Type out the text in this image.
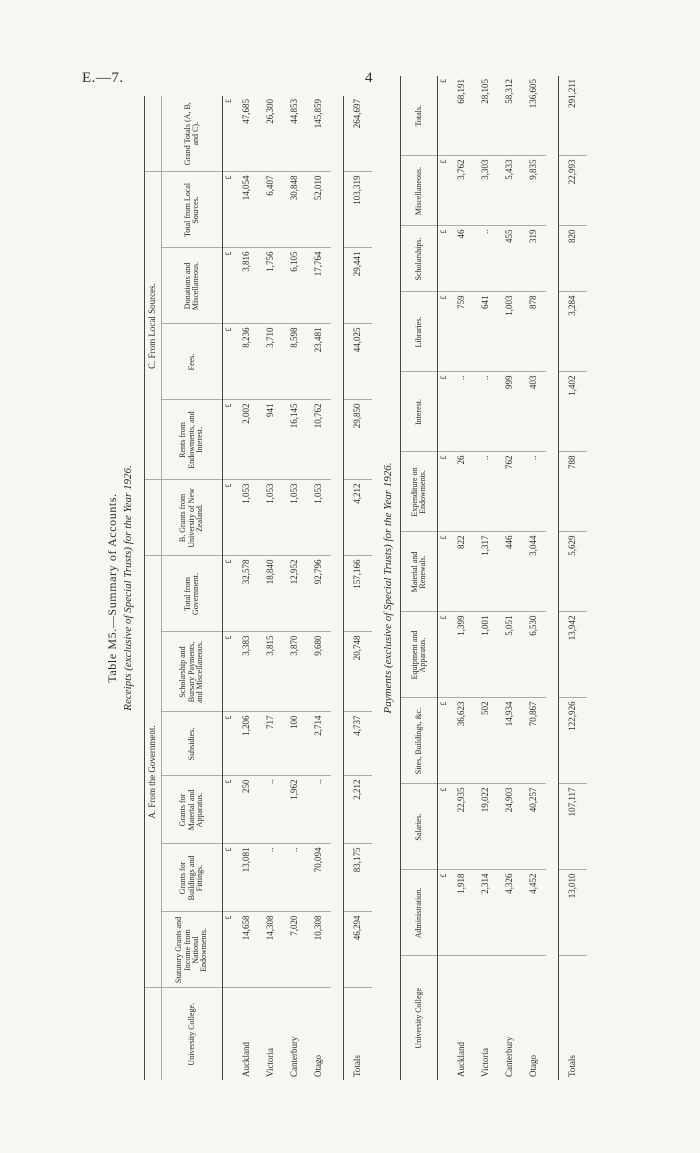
E.—7.	4
Table M5.—Summary of Accounts. Receipts (exclusive of Special Trusts) for the Year 1926.
	A. From the Government.							C. From Local Sources.				
University College.	Statutory Grants and Income from National Endowments.	Grants for Buildings and Fittings.	Grants for Material and Apparatus.	Subsidies.	Scholarship and Bursary Payments, and Miscellaneous.	Total from Government.	B. Grants from University of New Zealand.	Rents from Endowments, and Interest.	Fees.	Donations and Miscellaneous.	Total from Local Sources.	Grand Totals (A, B, and C).
	£	£	£	£	£	£	£	£	£	£	£	£
Auckland	14,658	13,081	250	1,206	3,383	32,578	1,053	2,002	8,236	3,816	14,054	47,685
Victoria	14,308	..	..	717	3,815	18,840	1,053	941	3,710	1,756	6,407	26,300
Canterbury	7,020	..	1,962	100	3,870	12,952	1,053	16,145	8,598	6,105	30,848	44,853
Otago	10,308	70,094	..	2,714	9,680	92,796	1,053	10,762	23,481	17,764	52,010	145,859

Totals	46,294	83,175	2,212	4,737	20,748	157,166	4,212	29,850	44,025	29,441	103,319	264,697
Payments (exclusive of Special Trusts) for the Year 1926.
University College	Administration.	Salaries.	Sites, Buildings, &c.	Equipment and Apparatus.	Material and Renewals.	Expenditure on Endowments.	Interest.	Libraries.	Scholarships.	Miscellaneous.	Totals.
	£	£	£	£	£	£	£	£	£	£	£
Auckland	1,918	22,935	36,623	1,399	822	26	..	759	46	3,762	68,191
Victoria	2,314	19,022	502	1,001	1,317	..	..	641	..	3,303	28,105
Canterbury	4,326	24,903	14,934	5,051	446	762	999	1,003	455	5,433	58,312
Otago	4,452	40,257	70,867	6,530	3,044	..	403	878	319	9,835	136,605

Totals	13,010	107,117	122,926	13,942	5,629	788	1,402	3,284	820	22,993	291,211
